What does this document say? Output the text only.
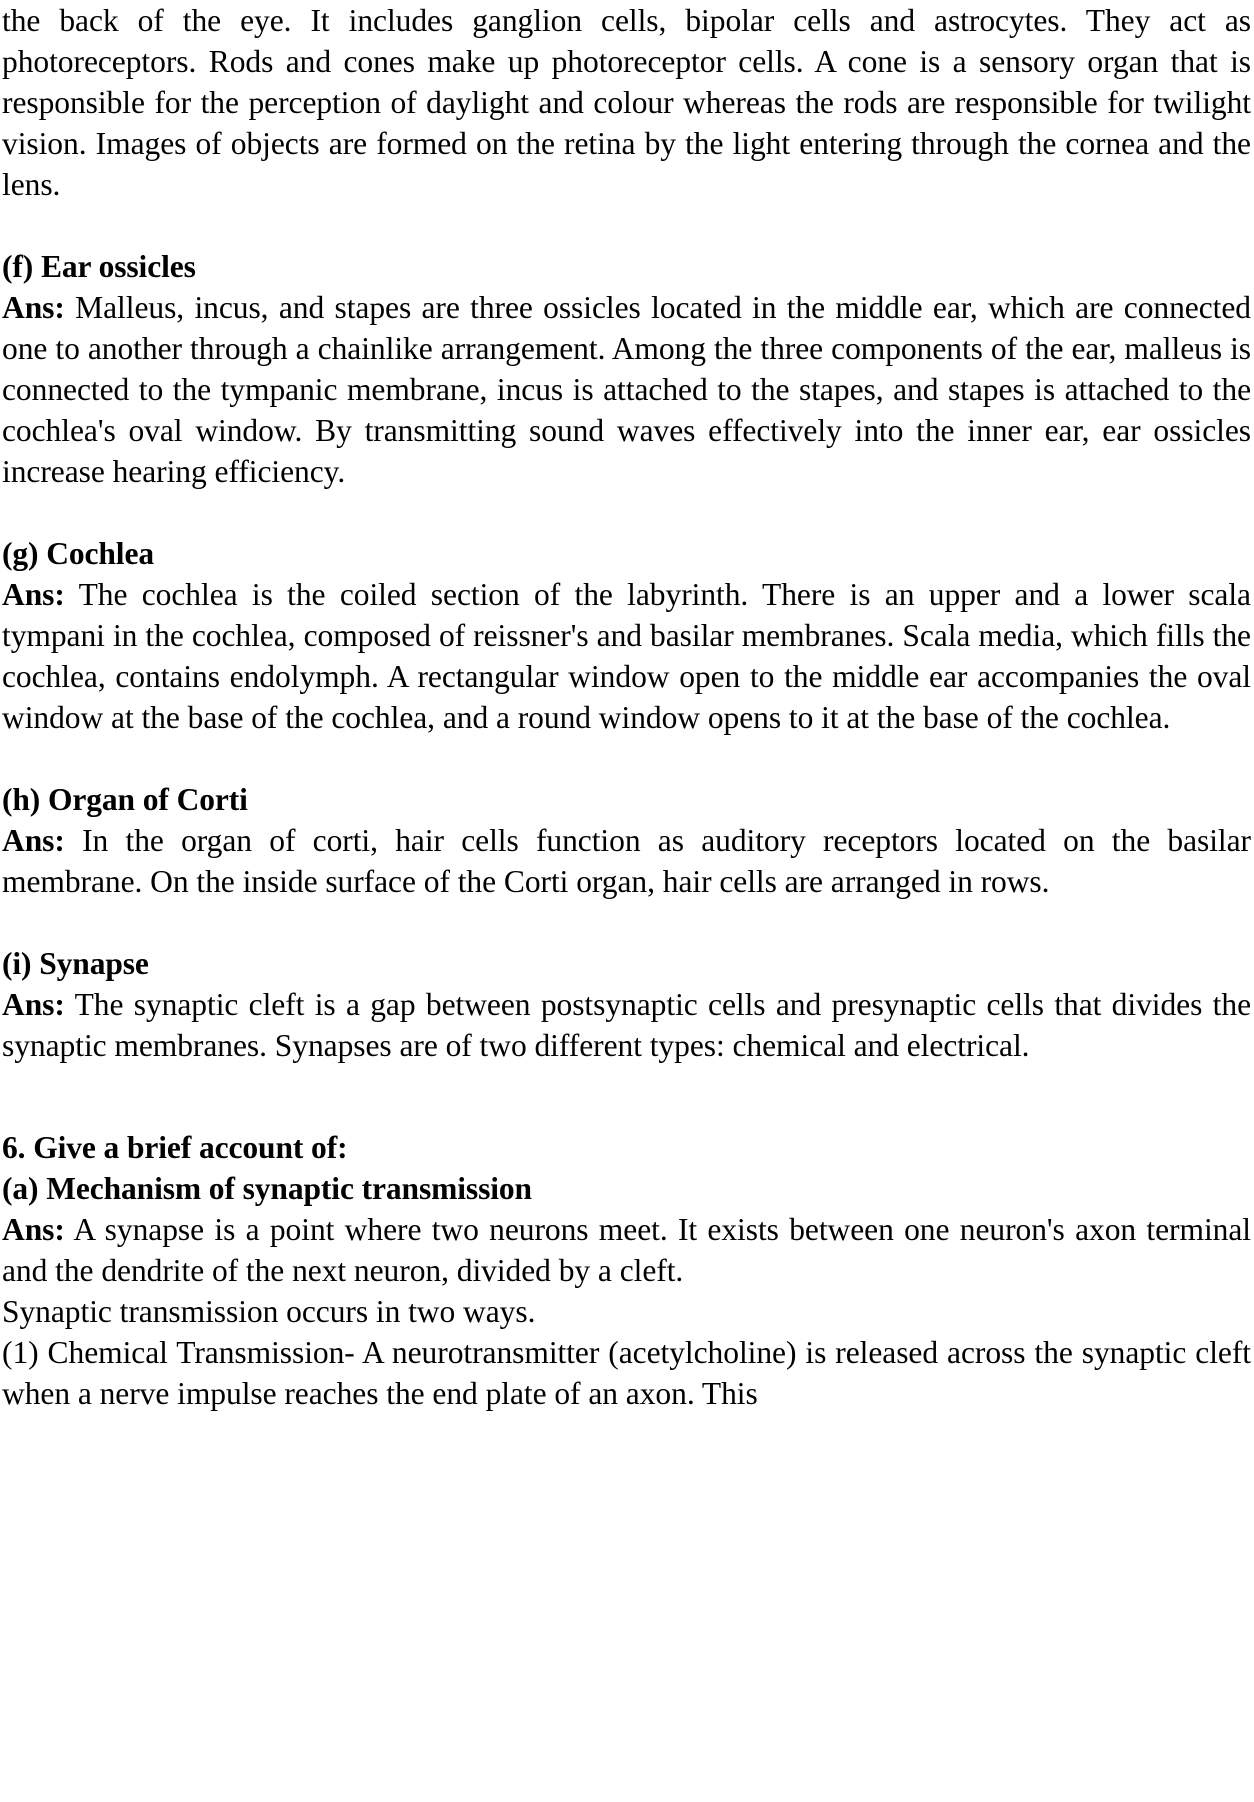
the back of the eye. It includes ganglion cells, bipolar cells and astrocytes. They act as photoreceptors. Rods and cones make up photoreceptor cells. A cone is a sensory organ that is responsible for the perception of daylight and colour whereas the rods are responsible for twilight vision. Images of objects are formed on the retina by the light entering through the cornea and the lens.

(f) Ear ossicles

Ans: Malleus, incus, and stapes are three ossicles located in the middle ear, which are connected one to another through a chainlike arrangement. Among the three components of the ear, malleus is connected to the tympanic membrane, incus is attached to the stapes, and stapes is attached to the cochlea's oval window. By transmitting sound waves effectively into the inner ear, ear ossicles increase hearing efficiency.

(g) Cochlea

Ans: The cochlea is the coiled section of the labyrinth. There is an upper and a lower scala tympani in the cochlea, composed of reissner's and basilar membranes. Scala media, which fills the cochlea, contains endolymph. A rectangular window open to the middle ear accompanies the oval window at the base of the cochlea, and a round window opens to it at the base of the cochlea.

(h) Organ of Corti

Ans: In the organ of corti, hair cells function as auditory receptors located on the basilar membrane. On the inside surface of the Corti organ, hair cells are arranged in rows.

(i) Synapse

Ans: The synaptic cleft is a gap between postsynaptic cells and presynaptic cells that divides the synaptic membranes. Synapses are of two different types: chemical and electrical.

6. Give a brief account of:

(a) Mechanism of synaptic transmission

Ans: A synapse is a point where two neurons meet. It exists between one neuron's axon terminal and the dendrite of the next neuron, divided by a cleft.

Synaptic transmission occurs in two ways.

(1) Chemical Transmission- A neurotransmitter (acetylcholine) is released across the synaptic cleft when a nerve impulse reaches the end plate of an axon. This
